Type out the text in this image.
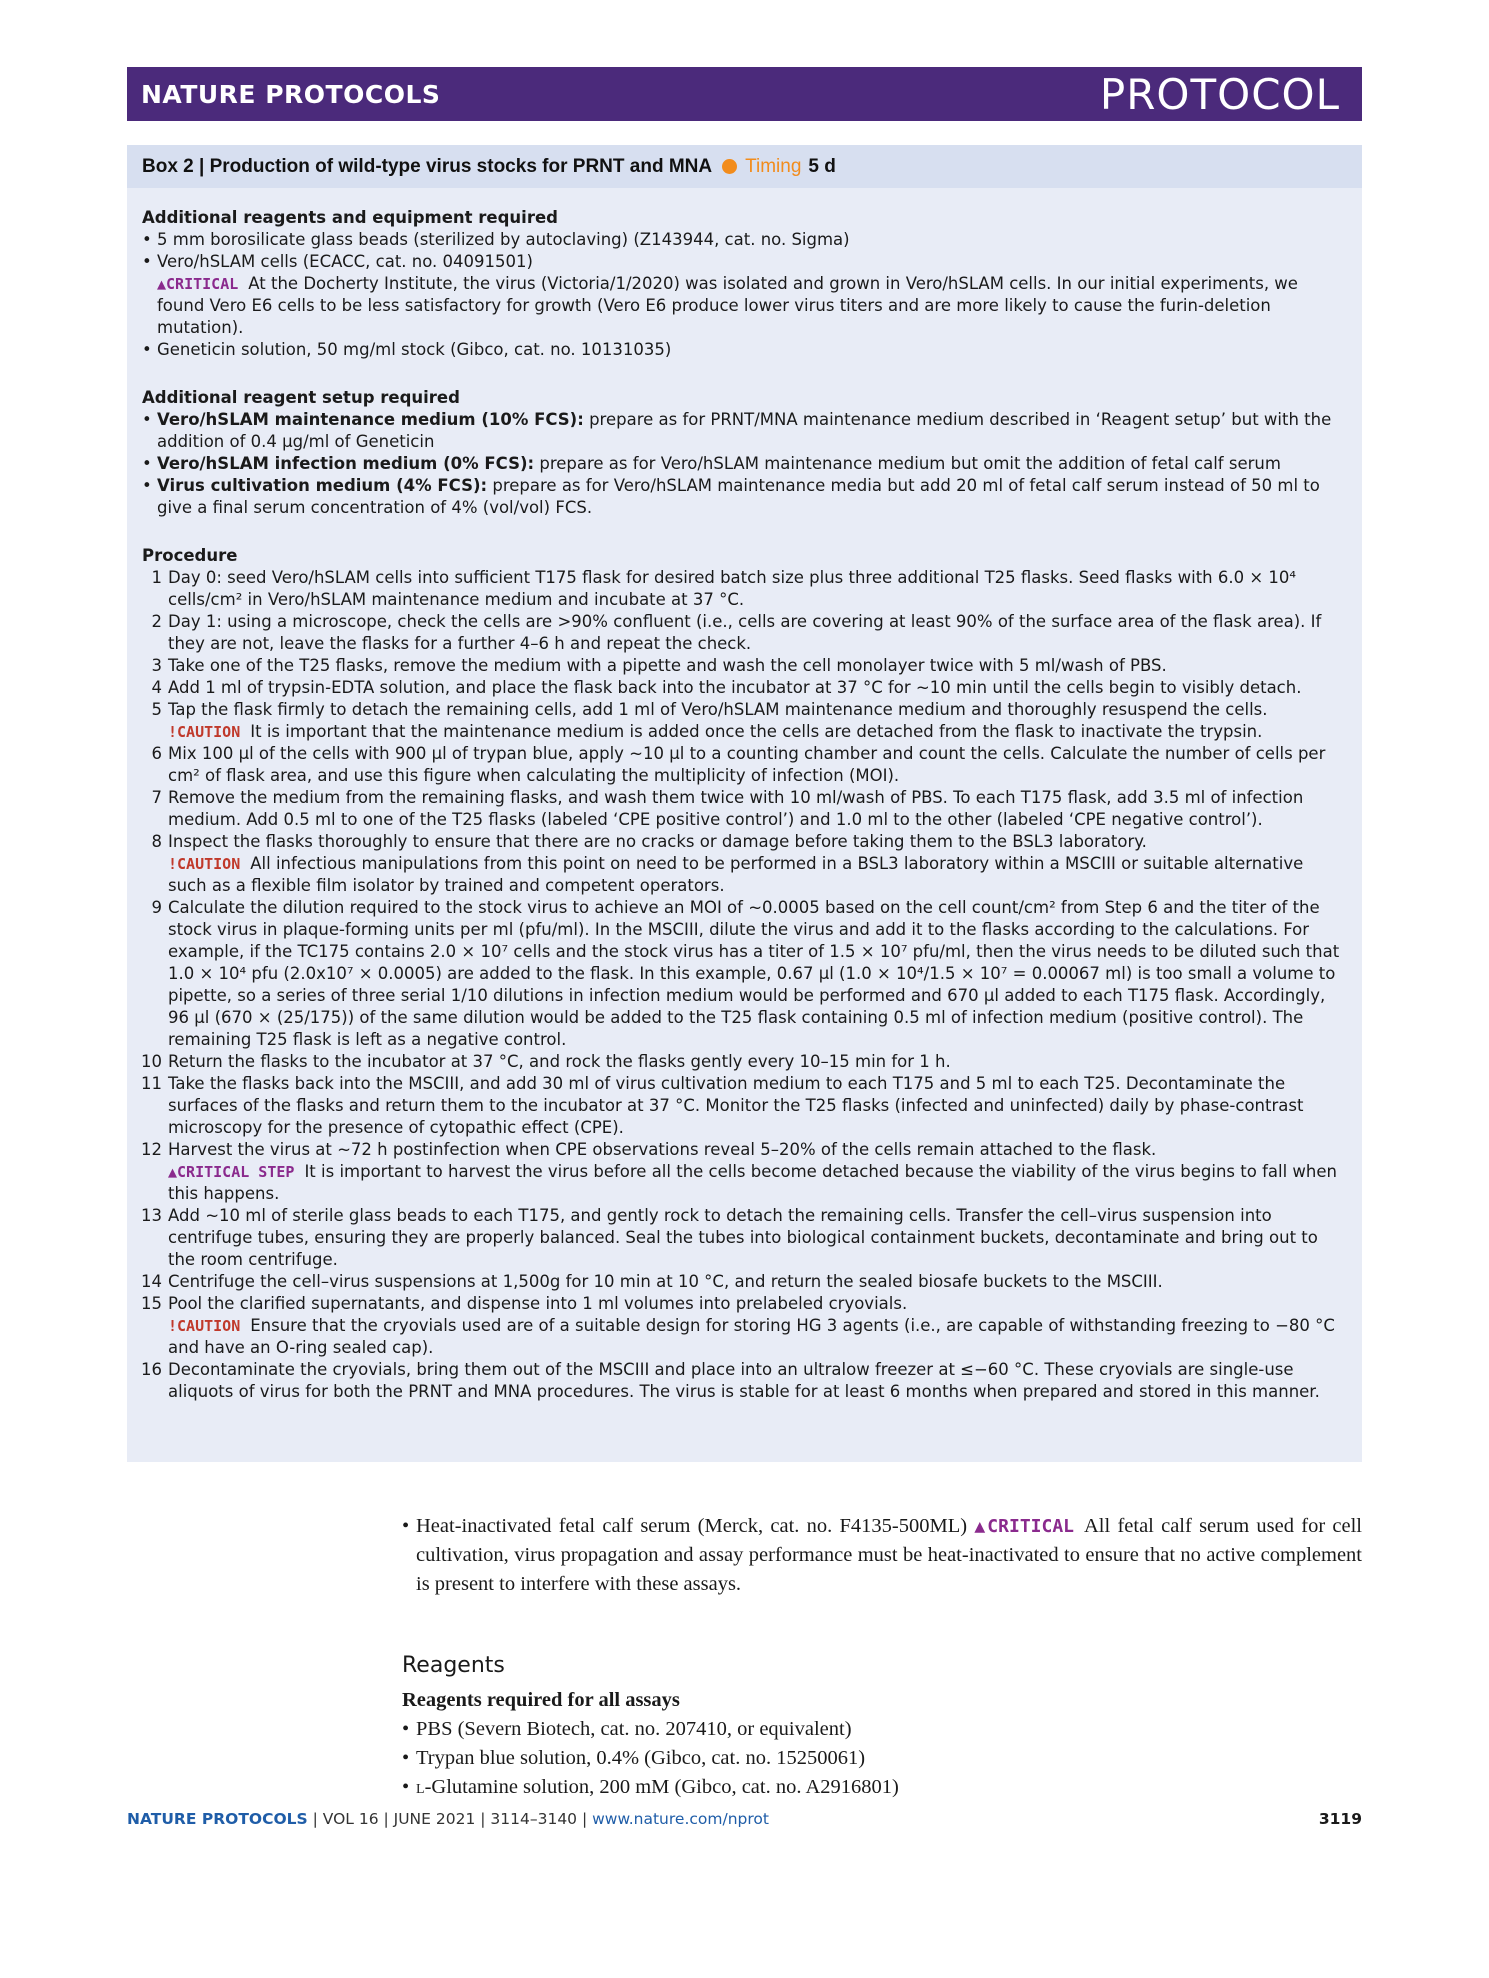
NATURE PROTOCOLS	PROTOCOL
Box 2 | Production of wild-type virus stocks for PRNT and MNA Timing 5 d

Additional reagents and equipment required

• 5 mm borosilicate glass beads (sterilized by autoclaving) (Z143944, cat. no. Sigma)

• Vero/hSLAM cells (ECACC, cat. no. 04091501)

▲CRITICAL At the Docherty Institute, the virus (Victoria/1/2020) was isolated and grown in Vero/hSLAM cells. In our initial experiments, we found Vero E6 cells to be less satisfactory for growth (Vero E6 produce lower virus titers and are more likely to cause the furin-deletion mutation).

• Geneticin solution, 50 mg/ml stock (Gibco, cat. no. 10131035)

Additional reagent setup required

• Vero/hSLAM maintenance medium (10% FCS): prepare as for PRNT/MNA maintenance medium described in ‘Reagent setup’ but with the addition of 0.4 μg/ml of Geneticin

• Vero/hSLAM infection medium (0% FCS): prepare as for Vero/hSLAM maintenance medium but omit the addition of fetal calf serum

• Virus cultivation medium (4% FCS): prepare as for Vero/hSLAM maintenance media but add 20 ml of fetal calf serum instead of 50 ml to give a final serum concentration of 4% (vol/vol) FCS.

Procedure

1 Day 0: seed Vero/hSLAM cells into sufficient T175 flask for desired batch size plus three additional T25 flasks. Seed flasks with 6.0 × 10⁴ cells/cm² in Vero/hSLAM maintenance medium and incubate at 37 °C.
2 Day 1: using a microscope, check the cells are >90% confluent (i.e., cells are covering at least 90% of the surface area of the flask area). If they are not, leave the flasks for a further 4–6 h and repeat the check.
3 Take one of the T25 flasks, remove the medium with a pipette and wash the cell monolayer twice with 5 ml/wash of PBS.
4 Add 1 ml of trypsin-EDTA solution, and place the flask back into the incubator at 37 °C for ~10 min until the cells begin to visibly detach.
5 Tap the flask firmly to detach the remaining cells, add 1 ml of Vero/hSLAM maintenance medium and thoroughly resuspend the cells.
!CAUTION It is important that the maintenance medium is added once the cells are detached from the flask to inactivate the trypsin.
6 Mix 100 μl of the cells with 900 μl of trypan blue, apply ~10 μl to a counting chamber and count the cells. Calculate the number of cells per cm² of flask area, and use this figure when calculating the multiplicity of infection (MOI).
7 Remove the medium from the remaining flasks, and wash them twice with 10 ml/wash of PBS. To each T175 flask, add 3.5 ml of infection medium. Add 0.5 ml to one of the T25 flasks (labeled ‘CPE positive control’) and 1.0 ml to the other (labeled ‘CPE negative control’).
8 Inspect the flasks thoroughly to ensure that there are no cracks or damage before taking them to the BSL3 laboratory.
!CAUTION All infectious manipulations from this point on need to be performed in a BSL3 laboratory within a MSCIII or suitable alternative such as a flexible film isolator by trained and competent operators.
9 Calculate the dilution required to the stock virus to achieve an MOI of ~0.0005 based on the cell count/cm² from Step 6 and the titer of the stock virus in plaque-forming units per ml (pfu/ml). In the MSCIII, dilute the virus and add it to the flasks according to the calculations. For example, if the TC175 contains 2.0 × 10⁷ cells and the stock virus has a titer of 1.5 × 10⁷ pfu/ml, then the virus needs to be diluted such that 1.0 × 10⁴ pfu (2.0x10⁷ × 0.0005) are added to the flask. In this example, 0.67 μl (1.0 × 10⁴/1.5 × 10⁷ = 0.00067 ml) is too small a volume to pipette, so a series of three serial 1/10 dilutions in infection medium would be performed and 670 μl added to each T175 flask. Accordingly, 96 μl (670 × (25/175)) of the same dilution would be added to the T25 flask containing 0.5 ml of infection medium (positive control). The remaining T25 flask is left as a negative control.
10 Return the flasks to the incubator at 37 °C, and rock the flasks gently every 10–15 min for 1 h.
11 Take the flasks back into the MSCIII, and add 30 ml of virus cultivation medium to each T175 and 5 ml to each T25. Decontaminate the surfaces of the flasks and return them to the incubator at 37 °C. Monitor the T25 flasks (infected and uninfected) daily by phase-contrast microscopy for the presence of cytopathic effect (CPE).
12 Harvest the virus at ~72 h postinfection when CPE observations reveal 5–20% of the cells remain attached to the flask.
▲CRITICAL STEP It is important to harvest the virus before all the cells become detached because the viability of the virus begins to fall when this happens.
13 Add ~10 ml of sterile glass beads to each T175, and gently rock to detach the remaining cells. Transfer the cell–virus suspension into centrifuge tubes, ensuring they are properly balanced. Seal the tubes into biological containment buckets, decontaminate and bring out to the room centrifuge.
14 Centrifuge the cell–virus suspensions at 1,500g for 10 min at 10 °C, and return the sealed biosafe buckets to the MSCIII.
15 Pool the clarified supernatants, and dispense into 1 ml volumes into prelabeled cryovials.
!CAUTION Ensure that the cryovials used are of a suitable design for storing HG 3 agents (i.e., are capable of withstanding freezing to −80 °C and have an O-ring sealed cap).
16 Decontaminate the cryovials, bring them out of the MSCIII and place into an ultralow freezer at ≤−60 °C. These cryovials are single-use aliquots of virus for both the PRNT and MNA procedures. The virus is stable for at least 6 months when prepared and stored in this manner.

• Heat-inactivated fetal calf serum (Merck, cat. no. F4135-500ML) ▲CRITICAL All fetal calf serum used for cell cultivation, virus propagation and assay performance must be heat-inactivated to ensure that no active complement is present to interfere with these assays.

Reagents

Reagents required for all assays

• PBS (Severn Biotech, cat. no. 207410, or equivalent)

• Trypan blue solution, 0.4% (Gibco, cat. no. 15250061)

• l-Glutamine solution, 200 mM (Gibco, cat. no. A2916801)

NATURE PROTOCOLS | VOL 16 | JUNE 2021 | 3114–3140 | www.nature.com/nprot	3119
